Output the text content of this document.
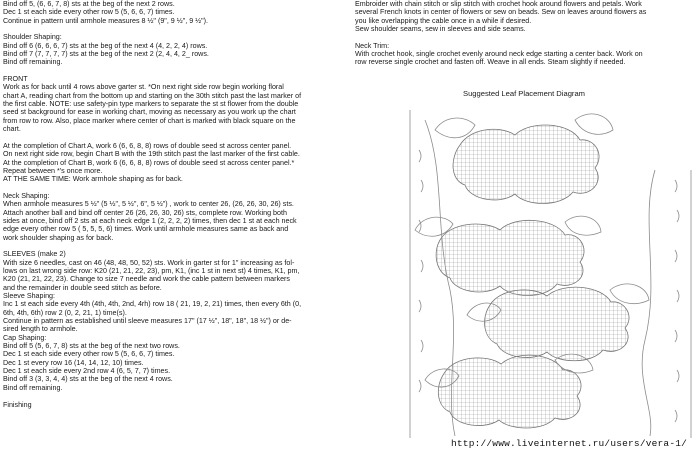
Bind off 5, (6, 6, 7, 8) sts at the beg of the next 2 rows.
Dec 1 st each side every other row 5 (5, 6, 6, 7) times.
Continue in pattern until armhole measures 8 ½" (9", 9 ½", 9 ½").
Shoulder Shaping:
Bind off 6 (6, 6, 6, 7) sts at the beg of the next 4 (4, 2, 2, 4) rows.
Bind off 7 (7, 7, 7, 7) sts at the beg of the next 2 (2, 4, 4, 2_ rows.
Bind off remaining.
FRONT
Work as for back until 4 rows above garter st. *On next right side row begin working floral
chart A, reading chart from the bottom up and starting on the 30th stitch past the last marker of
the first cable. NOTE: use safety-pin type markers to separate the st st flower from the double
seed st background for ease in working chart, moving as necessary as you work up the chart
from row to row. Also, place marker where center of chart is marked with black square on the
chart.
At the completion of Chart A, work 6 (6, 6, 8, 8) rows of double seed st across center panel.
On next right side row, begin Chart B with the 19th stitch past the last marker of the first cable.
At the completion of Chart B, work 6 (6, 6, 8, 8) rows of double seed st across center panel.*
Repeat between *'s once more.
AT THE SAME TIME: Work armhole shaping as for back.
Neck Shaping:
When armhole measures 5 ½" (5 ½", 5 ½", 6", 5 ½") , work to center 26, (26, 26, 30, 26) sts.
Attach another ball and bind off center 26 (26, 26, 30, 26) sts, complete row. Working both
sides at once, bind off 2 sts at each neck edge 1 (2, 2, 2, 2) times, then dec 1 st at each neck
edge every other row 5 ( 5, 5, 5, 6) times. Work until armhole measures same as back and
work shoulder shaping as for back.
SLEEVES (make 2)
With size 6 needles, cast on 46 (48, 48, 50, 52) sts. Work in garter st for 1" increasing as fol-
lows on last wrong side row: K20 (21, 21, 22, 23), pm, K1, (inc 1 st in next st) 4 times, K1, pm,
K20 (21, 21, 22, 23). Change to size 7 needle and work the cable pattern between markers
and the remainder in double seed stitch as before.
Sleeve Shaping:
Inc 1 st each side every 4th (4th, 4th, 2nd, 4rh) row 18 ( 21, 19, 2, 21) times, then every 6th (0,
6th, 4th, 6th) row 2 (0, 2, 21, 1) time(s).
Continue in pattern as established until sleeve measures 17" (17 ½", 18", 18", 18 ½") or de-
sired length to armhole.
Cap Shaping:
Bind off 5 (5, 6, 7, 8) sts at the beg of the next two rows.
Dec 1 st each side every other row 5 (5, 6, 6, 7) times.
Dec 1 st every row 16 (14, 14, 12, 10) times.
Dec 1 st each side every 2nd row 4 (6, 5, 7, 7) times.
Bind off 3 (3, 3, 4, 4) sts at the beg of the next 4 rows.
Bind off remaining.
Finishing
Embroider with chain stitch or slip stitch with crochet hook around flowers and petals. Work
several French knots in center of flowers or sew on beads. Sew on leaves around flowers as
you like overlapping the cable once in a while if desired.
Sew shoulder seams, sew in sleeves and side seams.
Neck Trim:
With crochet hook, single crochet evenly around neck edge starting a center back. Work on
row reverse single crochet and fasten off. Weave in all ends. Steam slightly if needed.
Suggested Leaf Placement Diagram
http://www.liveinternet.ru/users/vera-1/
